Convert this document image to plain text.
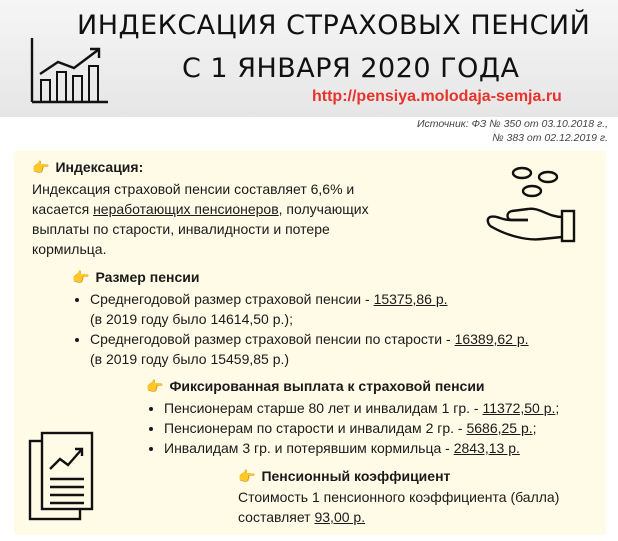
ИНДЕКСАЦИЯ СТРАХОВЫХ ПЕНСИЙ
С 1 ЯНВАРЯ 2020 ГОДА
http://pensiya.molodaja-semja.ru
Источник: ФЗ № 350 от 03.10.2018 г.,
№ 383 от 02.12.2019 г.
👉 Индексация:
Индексация страховой пенсии составляет 6,6% и
касается неработающих пенсионеров, получающих
выплаты по старости, инвалидности и потере
кормильца.
👉 Размер пенсии
• Среднегодовой размер страховой пенсии - 15375,86 р.
(в 2019 году было 14614,50 р.);
• Среднегодовой размер страховой пенсии по старости - 16389,62 р.
(в 2019 году было 15459,85 р.)
👉 Фиксированная выплата к страховой пенсии
• Пенсионерам старше 80 лет и инвалидам 1 гр. - 11372,50 р.;
• Пенсионерам по старости и инвалидам 2 гр. - 5686,25 р.;
• Инвалидам 3 гр. и потерявшим кормильца - 2843,13 р.
👉 Пенсионный коэффициент
Стоимость 1 пенсионного коэффициента (балла)
составляет 93,00 р.
